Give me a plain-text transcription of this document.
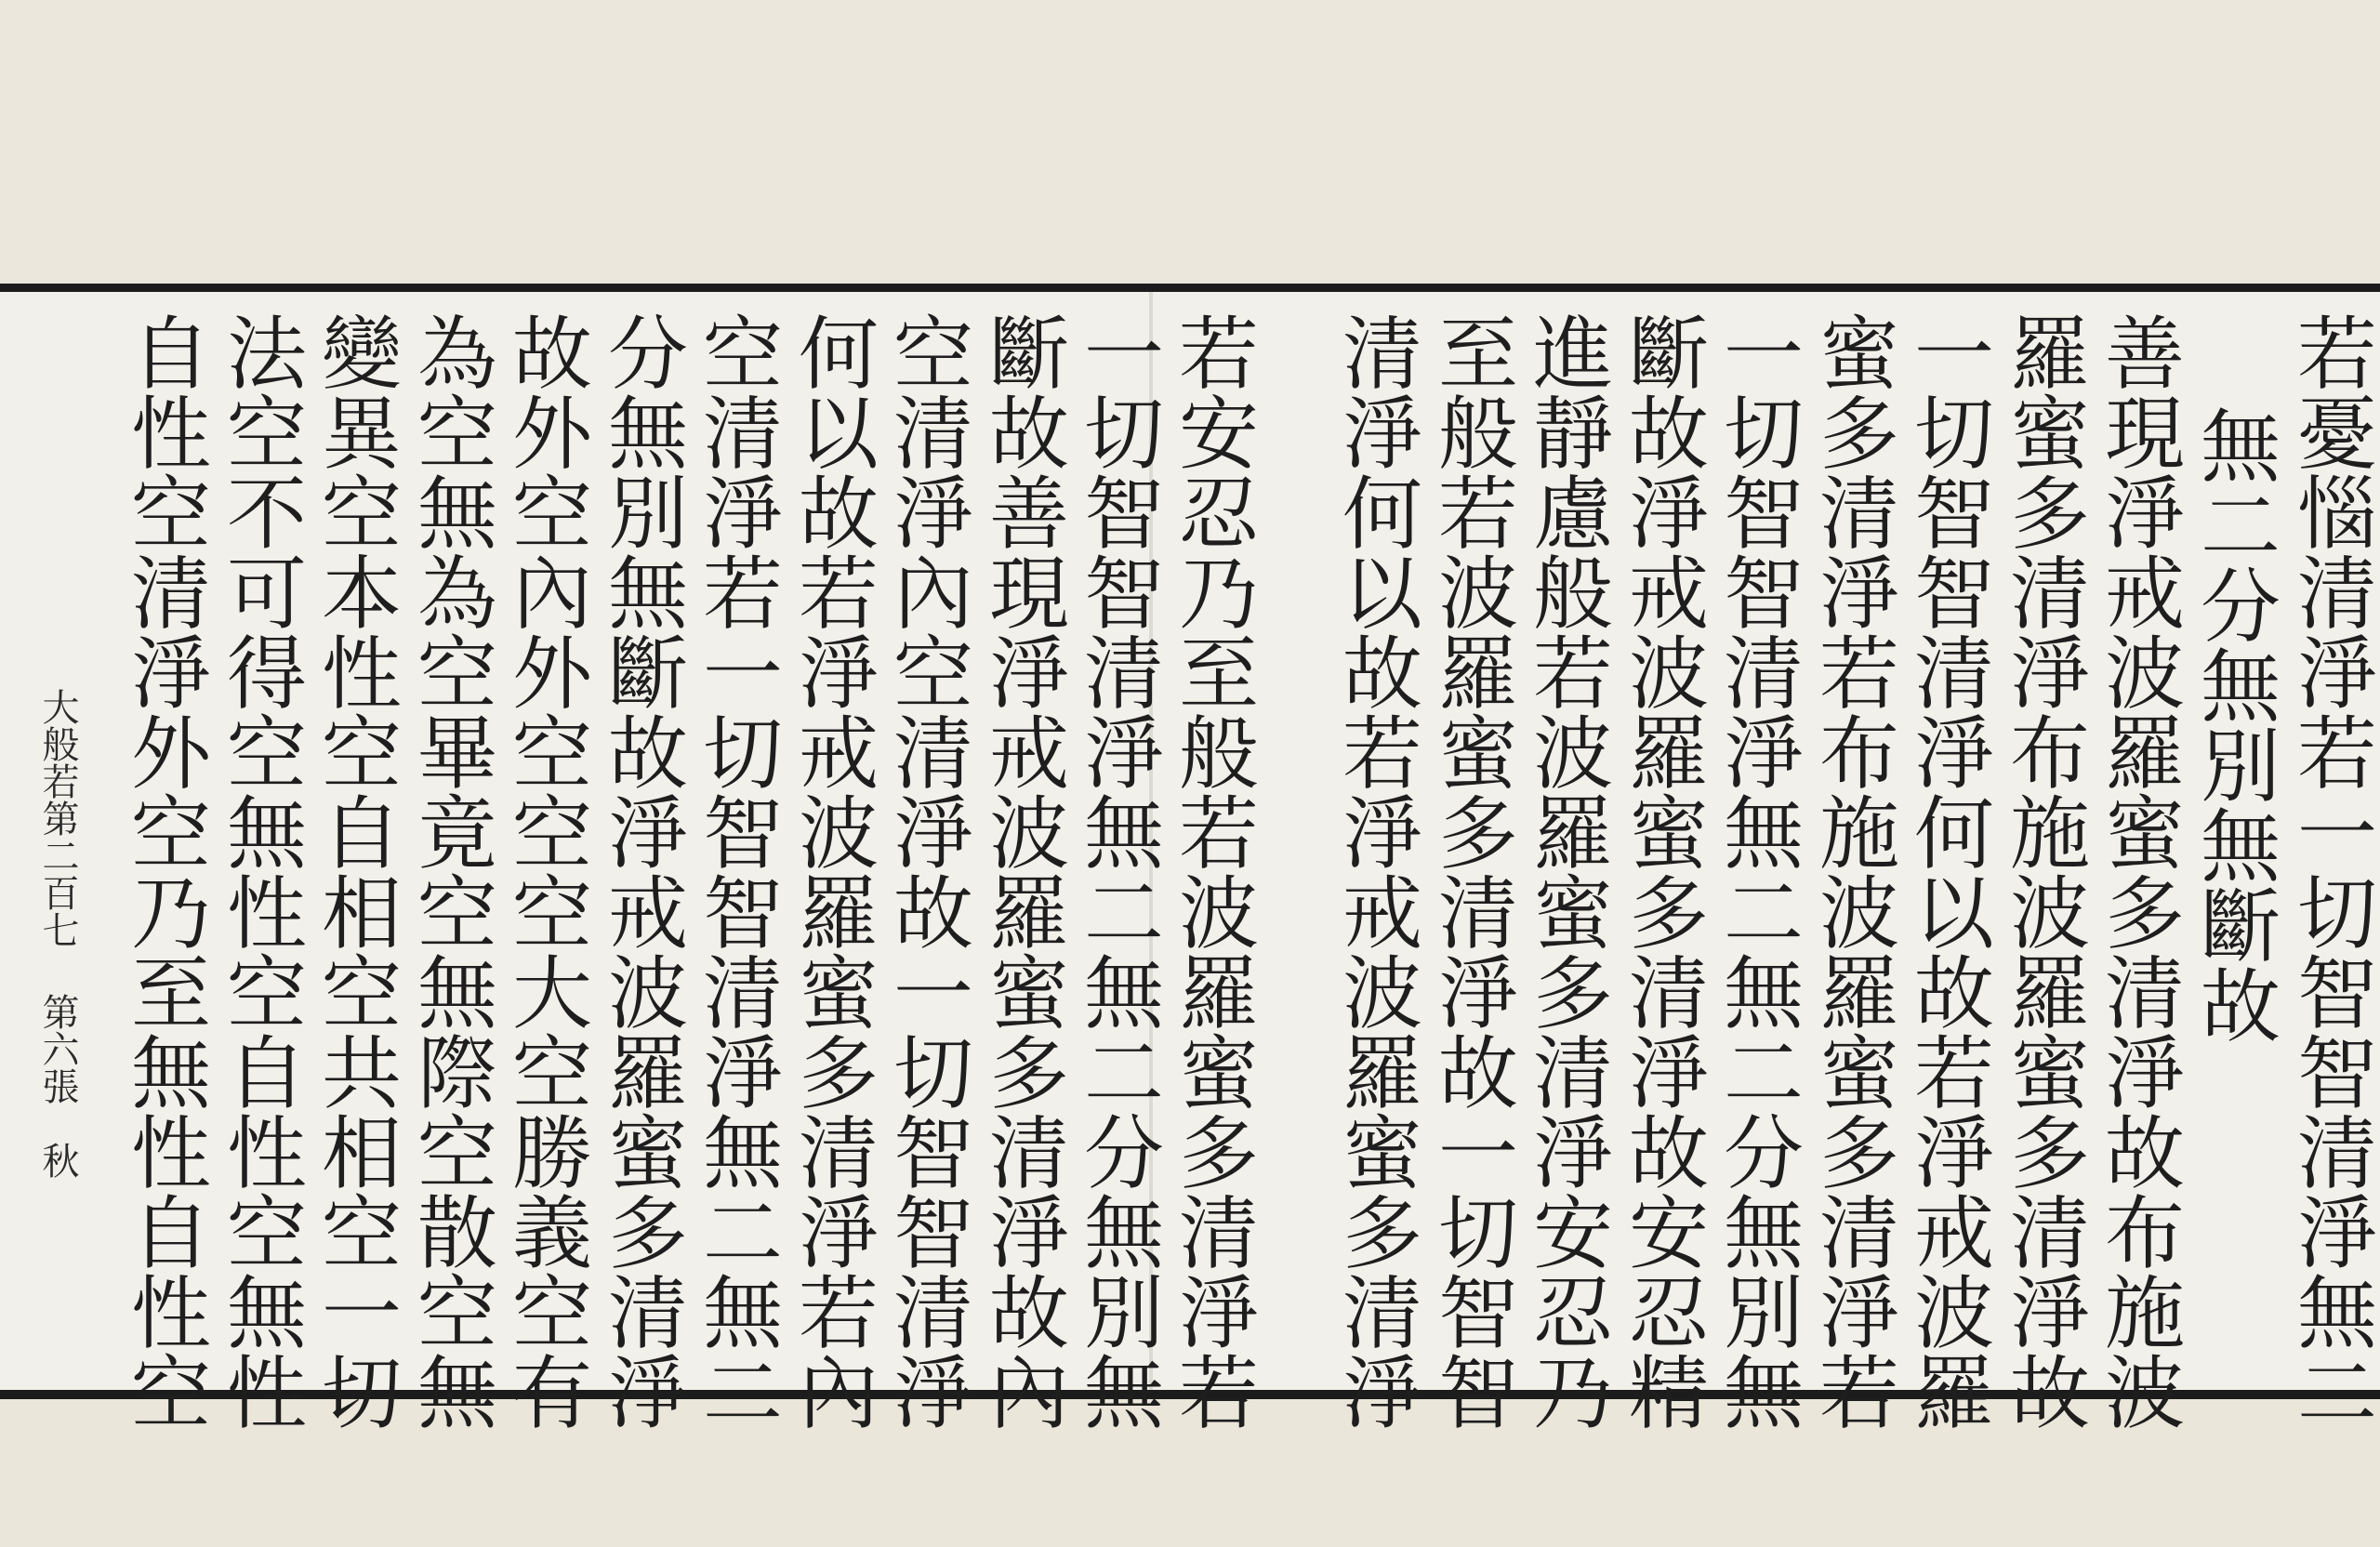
若憂惱清淨若一切智智清淨無二
無二分無別無斷故
善現淨戒波羅蜜多清淨故布施波
羅蜜多清淨布施波羅蜜多清淨故
一切智智清淨何以故若淨戒波羅
蜜多清淨若布施波羅蜜多清淨若
一切智智清淨無二無二分無別無
斷故淨戒波羅蜜多清淨故安忍精
進靜慮般若波羅蜜多清淨安忍乃
至般若波羅蜜多清淨故一切智智
清淨何以故若淨戒波羅蜜多清淨
若安忍乃至般若波羅蜜多清淨若
一切智智清淨無二無二分無別無
斷故善現淨戒波羅蜜多清淨故內
空清淨內空清淨故一切智智清淨
何以故若淨戒波羅蜜多清淨若內
空清淨若一切智智清淨無二無二
分無別無斷故淨戒波羅蜜多清淨
故外空內外空空空大空勝義空有
為空無為空畢竟空無際空散空無
變異空本性空自相空共相空一切
法空不可得空無性空自性空無性
自性空清淨外空乃至無性自性空
大般若第二百七
第六張
秋
